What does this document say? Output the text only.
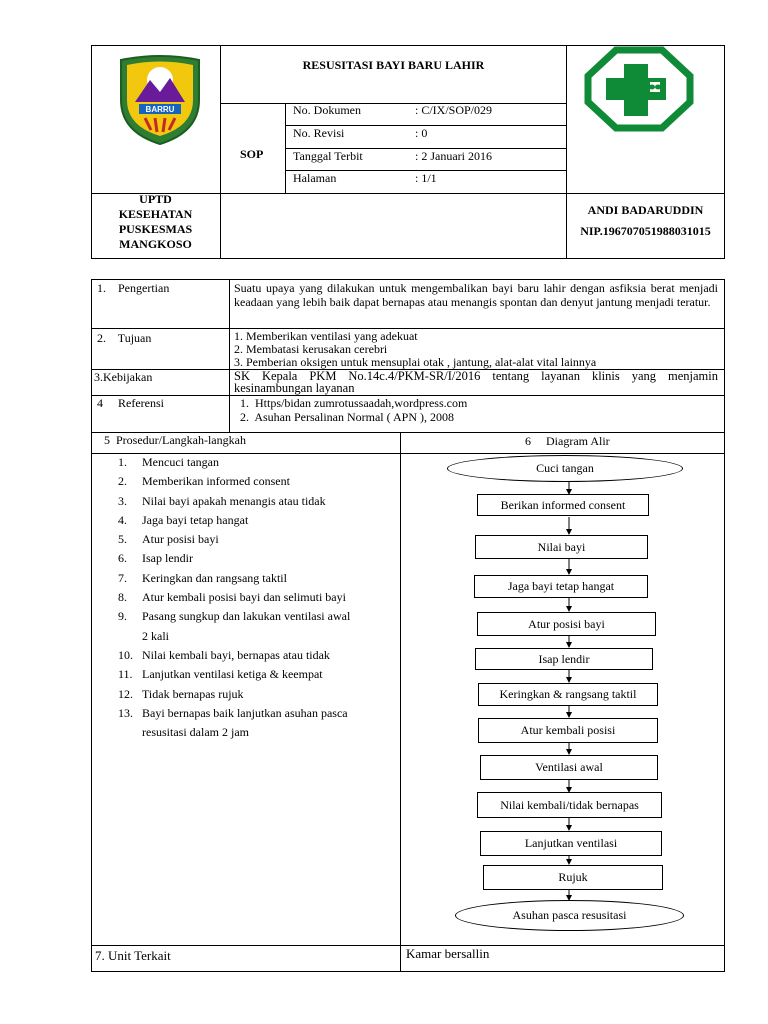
BARRU
RESUSITASI BAYI BARU LAHIR
SOP
No. Dokumen	: C/IX/SOP/029
No. Revisi	: 0
Tanggal Terbit	: 2 Januari 2016
Halaman	: 1/1
UPTD
KESEHATAN
PUSKESMAS
MANGKOSO
ANDI BADARUDDIN
NIP.196707051988031015
1.    Pengertian	Suatu upaya yang dilakukan untuk mengembalikan bayi baru lahir dengan asfiksia berat menjadi keadaan yang lebih baik dapat bernapas atau menangis spontan dan denyut jantung menjadi teratur.
2.    Tujuan	1. Memberikan ventilasi yang adekuat
2. Membatasi kerusakan cerebri
3. Pemberian oksigen untuk mensuplai otak , jantung, alat-alat vital lainnya
3.Kebijakan	SK Kepala PKM No.14c.4/PKM-SR/I/2016 tentang layanan klinis yang menjamin kesinambungan layanan
4     Referensi	1.  Https/bidan zumrotussaadah,wordpress.com
2.  Asuhan Persalinan Normal ( APN ), 2008
5  Prosedur/Langkah-langkah	6     Diagram Alir
1. Mencuci tangan
2. Memberikan informed consent
3. Nilai bayi apakah menangis atau tidak
4. Jaga bayi tetap hangat
5. Atur posisi bayi
6. Isap lendir
7. Keringkan dan rangsang taktil
8. Atur kembali posisi bayi dan selimuti bayi
9. Pasang sungkup dan lakukan ventilasi awal
2 kali
10. Nilai kembali bayi, bernapas atau tidak
11. Lanjutkan ventilasi ketiga & keempat
12. Tidak bernapas rujuk
13. Bayi bernapas baik lanjutkan asuhan pasca
resusitasi dalam 2 jam
Cuci tangan
Berikan informed consent
Nilai bayi
Jaga bayi tetap hangat
Atur posisi bayi
Isap lendir
Keringkan & rangsang taktil
Atur kembali posisi
Ventilasi awal
Nilai kembali/tidak bernapas
Lanjutkan ventilasi
Rujuk
Asuhan pasca resusitasi
7. Unit Terkait	Kamar bersallin
